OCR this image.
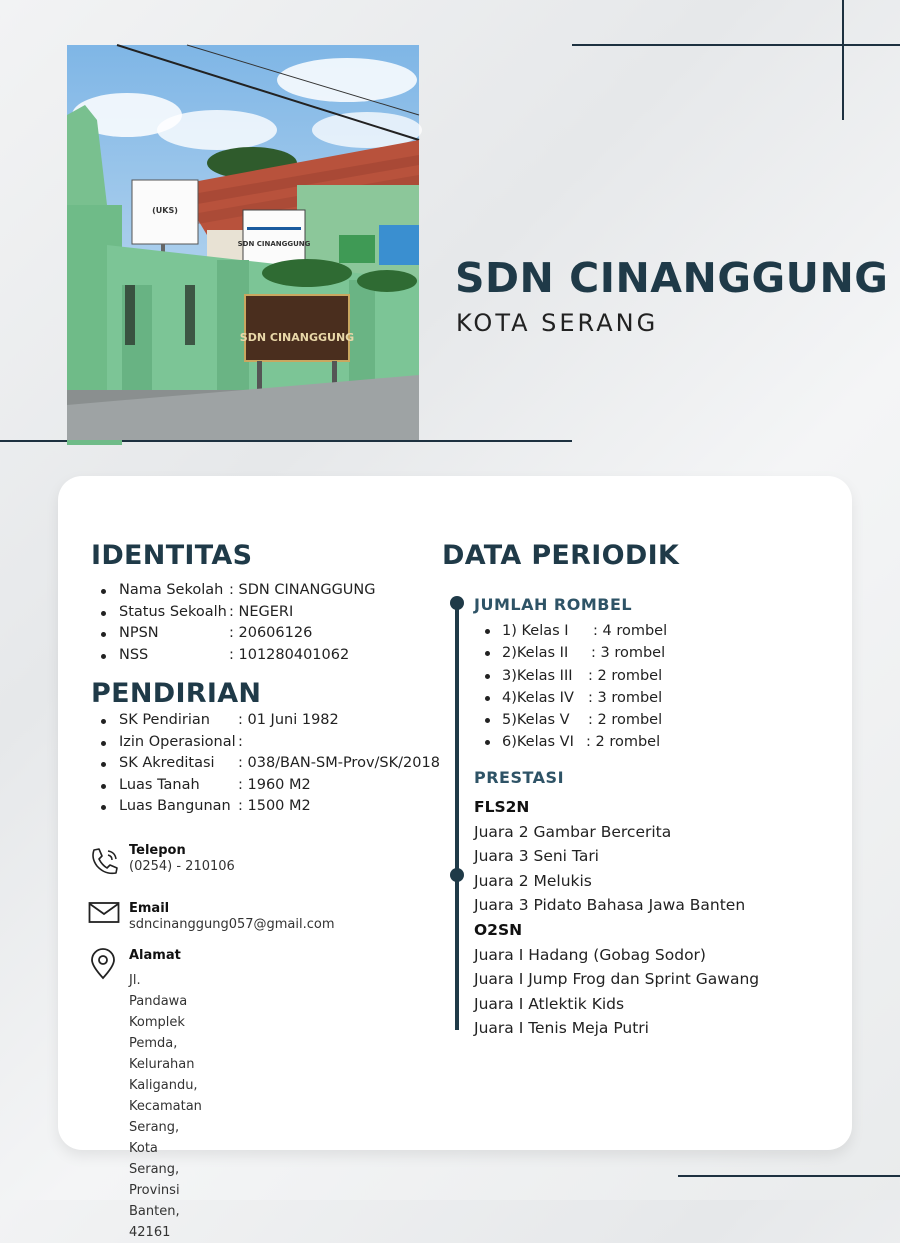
SDN CINANGGUNG
(UKS)
SDN CINANGGUNG
SDN CINANGGUNG
KOTA SERANG
IDENTITAS
Nama Sekolah : SDN CINANGGUNG
Status Sekoalh : NEGERI
NPSN	: 20606126
NSS	: 101280401062
PENDIRIAN
SK Pendirian : 01 Juni 1982
Izin Operasional :
SK Akreditasi : 038/BAN-SM-Prov/SK/2018
Luas Tanah	: 1960 M2
Luas Bangunan : 1500 M2
Telepon
(0254) - 210106
Email
sdncinanggung057@gmail.com
Alamat
Jl. Pandawa Komplek Pemda, Kelurahan
Kaligandu, Kecamatan Serang, Kota Serang,
Provinsi Banten, 42161
DATA PERIODIK
JUMLAH ROMBEL
1) Kelas I : 4 rombel
2)Kelas II : 3 rombel
3)Kelas III : 2 rombel
4)Kelas IV : 3 rombel
5)Kelas V : 2 rombel
6)Kelas VI : 2 rombel
PRESTASI
FLS2N
Juara 2 Gambar Bercerita
Juara 3 Seni Tari
Juara 2 Melukis
Juara 3 Pidato Bahasa Jawa Banten
O2SN
Juara I Hadang (Gobag Sodor)
Juara I Jump Frog dan Sprint Gawang
Juara I Atlektik Kids
Juara I Tenis Meja Putri
